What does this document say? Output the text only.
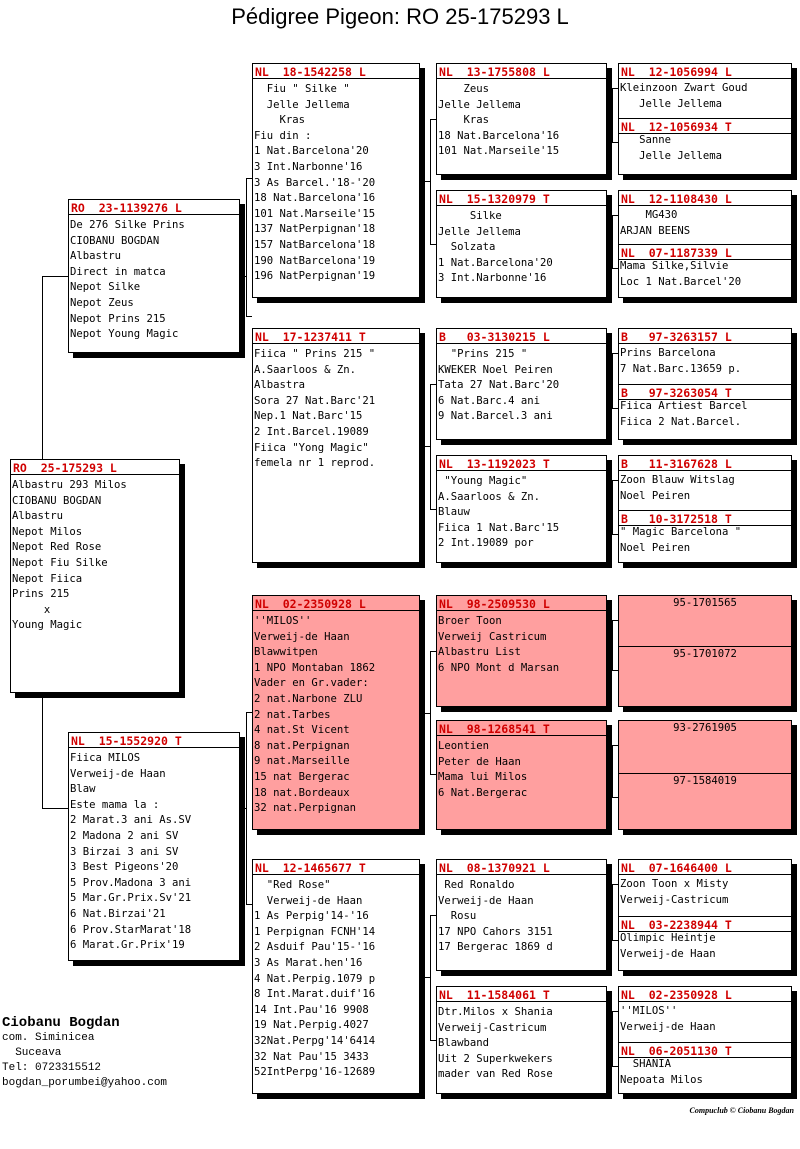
Pédigree Pigeon: RO 25-175293 L
RO  25-175293 L
Albastru 293 Milos
CIOBANU BOGDAN
Albastru
Nepot Milos
Nepot Red Rose
Nepot Fiu Silke
Nepot Fiica
Prins 215
x
Young Magic
RO  23-1139276 L
De 276 Silke Prins
CIOBANU BOGDAN
Albastru
Direct in matca
Nepot Silke
Nepot Zeus
Nepot Prins 215
Nepot Young Magic
NL  15-1552920 T
Fiica MILOS
Verweij-de Haan
Blaw
Este mama la :
2 Marat.3 ani As.SV
2 Madona 2 ani SV
3 Birzai 3 ani SV
3 Best Pigeons'20
5 Prov.Madona 3 ani
5 Mar.Gr.Prix.Sv'21
6 Nat.Birzai'21
6 Prov.StarMarat'18
6 Marat.Gr.Prix'19
NL  18-1542258 L
Fiu " Silke "
Jelle Jellema
Kras
Fiu din :
1 Nat.Barcelona'20
3 Int.Narbonne'16
3 As Barcel.'18-'20
18 Nat.Barcelona'16
101 Nat.Marseile'15
137 NatPerpignan'18
157 NatBarcelona'18
190 NatBarcelona'19
196 NatPerpignan'19
NL  17-1237411 T
Fiica " Prins 215 "
A.Saarloos & Zn.
Albastra
Sora 27 Nat.Barc'21
Nep.1 Nat.Barc'15
2 Int.Barcel.19089
Fiica "Yong Magic"
femela nr 1 reprod.
NL  02-2350928 L
''MILOS''
Verweij-de Haan
Blawwitpen
1 NPO Montaban 1862
Vader en Gr.vader:
2 nat.Narbone ZLU
2 nat.Tarbes
4 nat.St Vicent
8 nat.Perpignan
9 nat.Marseille
15 nat Bergerac
18 nat.Bordeaux
32 nat.Perpignan
NL  12-1465677 T
"Red Rose"
Verweij-de Haan
1 As Perpig'14-'16
1 Perpignan FCNH'14
2 Asduif Pau'15-'16
3 As Marat.hen'16
4 Nat.Perpig.1079 p
8 Int.Marat.duif'16
14 Int.Pau'16 9908
19 Nat.Perpig.4027
32Nat.Perpg'14'6414
32 Nat Pau'15 3433
52IntPerpg'16-12689
NL  13-1755808 L
Zeus
Jelle Jellema
Kras
18 Nat.Barcelona'16
101 Nat.Marseile'15
NL  15-1320979 T
Silke
Jelle Jellema
Solzata
1 Nat.Barcelona'20
3 Int.Narbonne'16
B   03-3130215 L
"Prins 215 "
KWEKER Noel Peiren
Tata 27 Nat.Barc'20
6 Nat.Barc.4 ani
9 Nat.Barcel.3 ani
NL  13-1192023 T
"Young Magic"
A.Saarloos & Zn.
Blauw
Fiica 1 Nat.Barc'15
2 Int.19089 por
NL  98-2509530 L
Broer Toon
Verweij Castricum
Albastru List
6 NPO Mont d Marsan
NL  98-1268541 T
Leontien
Peter de Haan
Mama lui Milos
6 Nat.Bergerac
NL  08-1370921 L
Red Ronaldo
Verweij-de Haan
Rosu
17 NPO Cahors 3151
17 Bergerac 1869 d
NL  11-1584061 T
Dtr.Milos x Shania
Verweij-Castricum
Blawband
Uit 2 Superkwekers
mader van Red Rose
NL  12-1056994 L
Kleinzoon Zwart Goud
Jelle Jellema
NL  12-1056934 T
Sanne
Jelle Jellema
NL  12-1108430 L
MG430
ARJAN BEENS
NL  07-1187339 L
Mama Silke,Silvie
Loc 1 Nat.Barcel'20
B   97-3263157 L
Prins Barcelona
7 Nat.Barc.13659 p.
B   97-3263054 T
Fiica Artiest Barcel
Fiica 2 Nat.Barcel.
B   11-3167628 L
Zoon Blauw Witslag
Noel Peiren
B   10-3172518 T
" Magic Barcelona "
Noel Peiren
95-1701565
95-1701072
93-2761905
97-1584019
NL  07-1646400 L
Zoon Toon x Misty
Verweij-Castricum
NL  03-2238944 T
Olimpic Heintje
Verweij-de Haan
NL  02-2350928 L
''MILOS''
Verweij-de Haan
NL  06-2051130 T
SHANIA
Nepoata Milos
Ciobanu Bogdan
com. Siminicea
Suceava
Tel: 0723315512
bogdan_porumbei@yahoo.com
Compuclub © Ciobanu Bogdan
